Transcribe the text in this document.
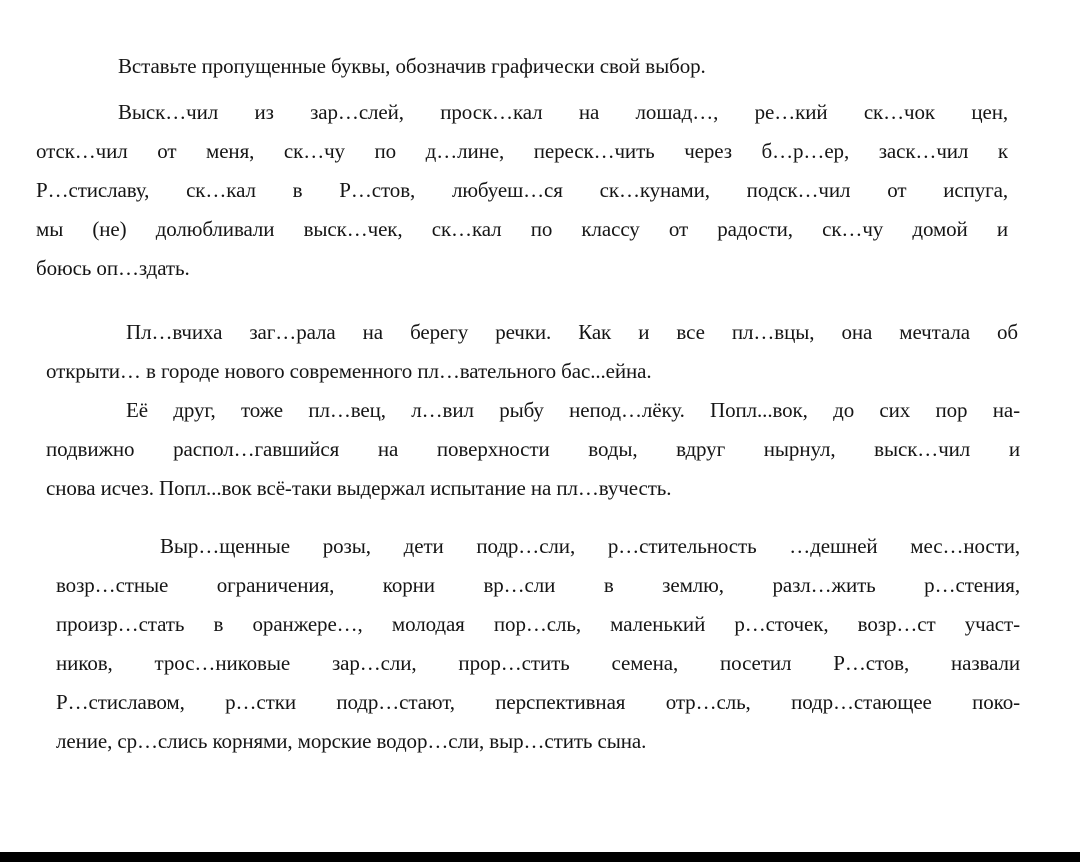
Вставьте пропущенные буквы, обозначив графически свой выбор.

Выск…чил из зар…слей, проск…кал на лошад…, ре…кий ск…чок цен,

отск…чил от меня, ск…чу по д…лине, переск…чить через б…р…ер, заск…чил к

Р…стиславу, ск…кал в Р…стов, любуеш…ся ск…кунами, подск…чил от испуга,

мы (не) долюбливали выск…чек, ск…кал по классу от радости, ск…чу домой и

боюсь оп…здать.

Пл…вчиха заг…рала на берегу речки. Как и все пл…вцы, она мечтала об

открыти… в городе нового современного пл…вательного бас...ейна.

Её друг, тоже пл…вец, л…вил рыбу непод…лёку. Попл...вок, до сих пор на-

подвижно распол…гавшийся на поверхности воды, вдруг нырнул, выск…чил и

снова исчез. Попл...вок всё-таки выдержал испытание на пл…вучесть.

Выр…щенные розы, дети подр…сли, р…стительность …дешней мес…ности,

возр…стные ограничения, корни вр…сли в землю, разл…жить р…стения,

произр…стать в оранжере…, молодая пор…сль, маленький р…сточек, возр…ст участ-

ников, трос…никовые зар…сли, прор…стить семена, посетил Р…стов, назвали

Р…стиславом, р…стки подр…стают, перспективная отр…сль, подр…стающее поко-

ление, ср…слись корнями, морские водор…сли, выр…стить сына.
